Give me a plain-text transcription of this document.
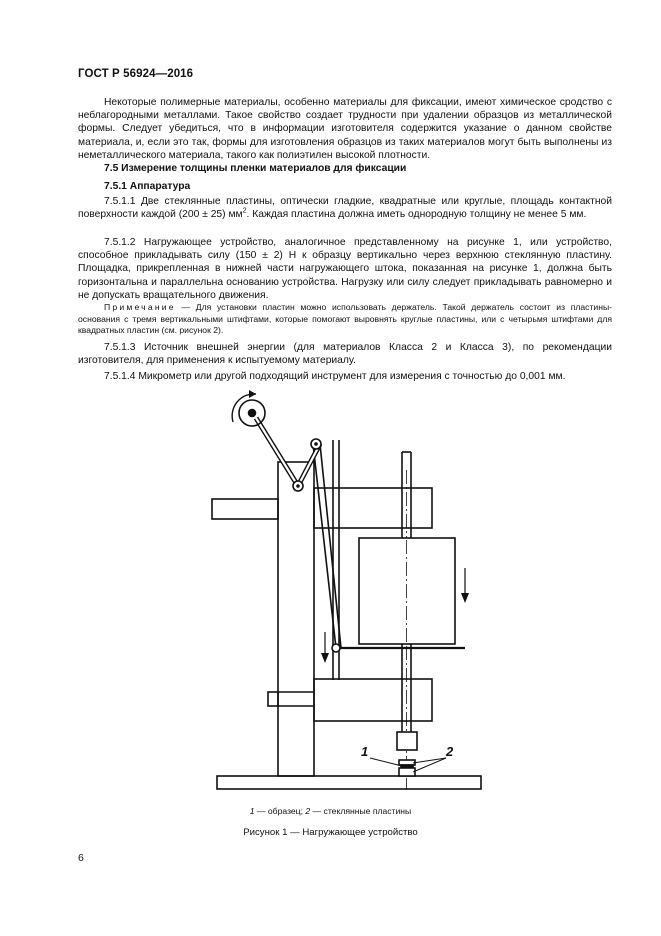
ГОСТ Р 56924—2016

Некоторые полимерные материалы, особенно материалы для фиксации, имеют химическое сродство с неблагородными металлами. Такое свойство создает трудности при удалении образцов из металлической формы. Следует убедиться, что в информации изготовителя содержится указание о данном свойстве материала, и, если это так, формы для изготовления образцов из таких материалов могут быть выполнены из неметаллического материала, такого как полиэтилен высокой плотности.

7.5 Измерение толщины пленки материалов для фиксации

7.5.1 Аппаратура

7.5.1.1 Две стеклянные пластины, оптически гладкие, квадратные или круглые, площадь контактной поверхности каждой (200 ± 25) $мм^2$. Каждая пластина должна иметь однородную толщину не менее 5 мм.

7.5.1.2 Нагружающее устройство, аналогичное представленному на рисунке 1, или устройство, способное прикладывать силу (150 ± 2) Н к образцу вертикально через верхнюю стеклянную пластину. Площадка, прикрепленная в нижней части нагружающего штока, показанная на рисунке 1, должна быть горизонтальна и параллельна основанию устройства. Нагрузку или силу следует прикладывать равномерно и не допускать вращательного движения.

Примечание — Для установки пластин можно использовать держатель. Такой держатель состоит из пластины-основания с тремя вертикальными штифтами, которые помогают выровнять круглые пластины, или с четырьмя штифтами для квадратных пластин (см. рисунок 2).

7.5.1.3 Источник внешней энергии (для материалов Класса 2 и Класса 3), по рекомендации изготовителя, для применения к испытуемому материалу.

7.5.1.4 Микрометр или другой подходящий инструмент для измерения с точностью до 0,001 мм.

1	2
1 — образец; 2 — стеклянные пластины
Рисунок 1 — Нагружающее устройство
6
